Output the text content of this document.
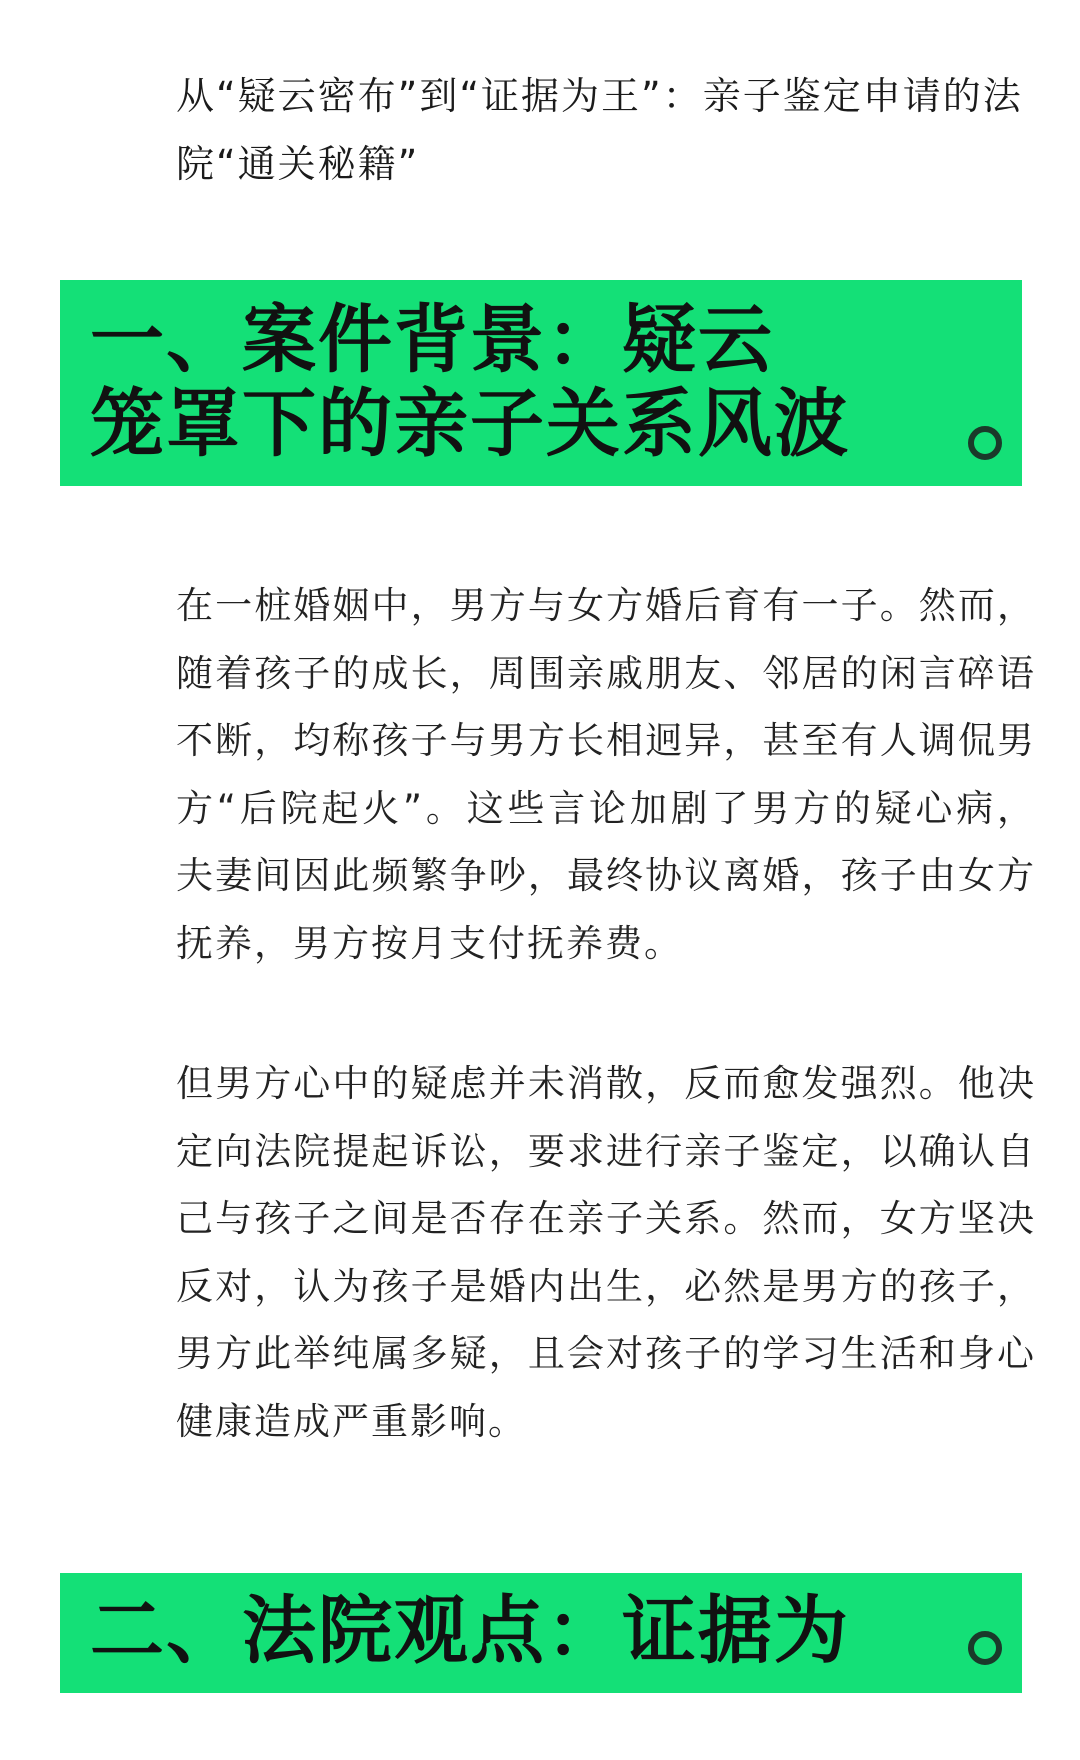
从“疑云密布”到“证据为王”：亲子鉴定申请的法院“通关秘籍”
一、案件背景：疑云
笼罩下的亲子关系风波
在一桩婚姻中，男方与女方婚后育有一子。然而，随着孩子的成长，周围亲戚朋友、邻居的闲言碎语不断，均称孩子与男方长相迥异，甚至有人调侃男方“后院起火”。这些言论加剧了男方的疑心病，夫妻间因此频繁争吵，最终协议离婚，孩子由女方抚养，男方按月支付抚养费。
但男方心中的疑虑并未消散，反而愈发强烈。他决定向法院提起诉讼，要求进行亲子鉴定，以确认自己与孩子之间是否存在亲子关系。然而，女方坚决反对，认为孩子是婚内出生，必然是男方的孩子，男方此举纯属多疑，且会对孩子的学习生活和身心健康造成严重影响。
二、法院观点：证据为
